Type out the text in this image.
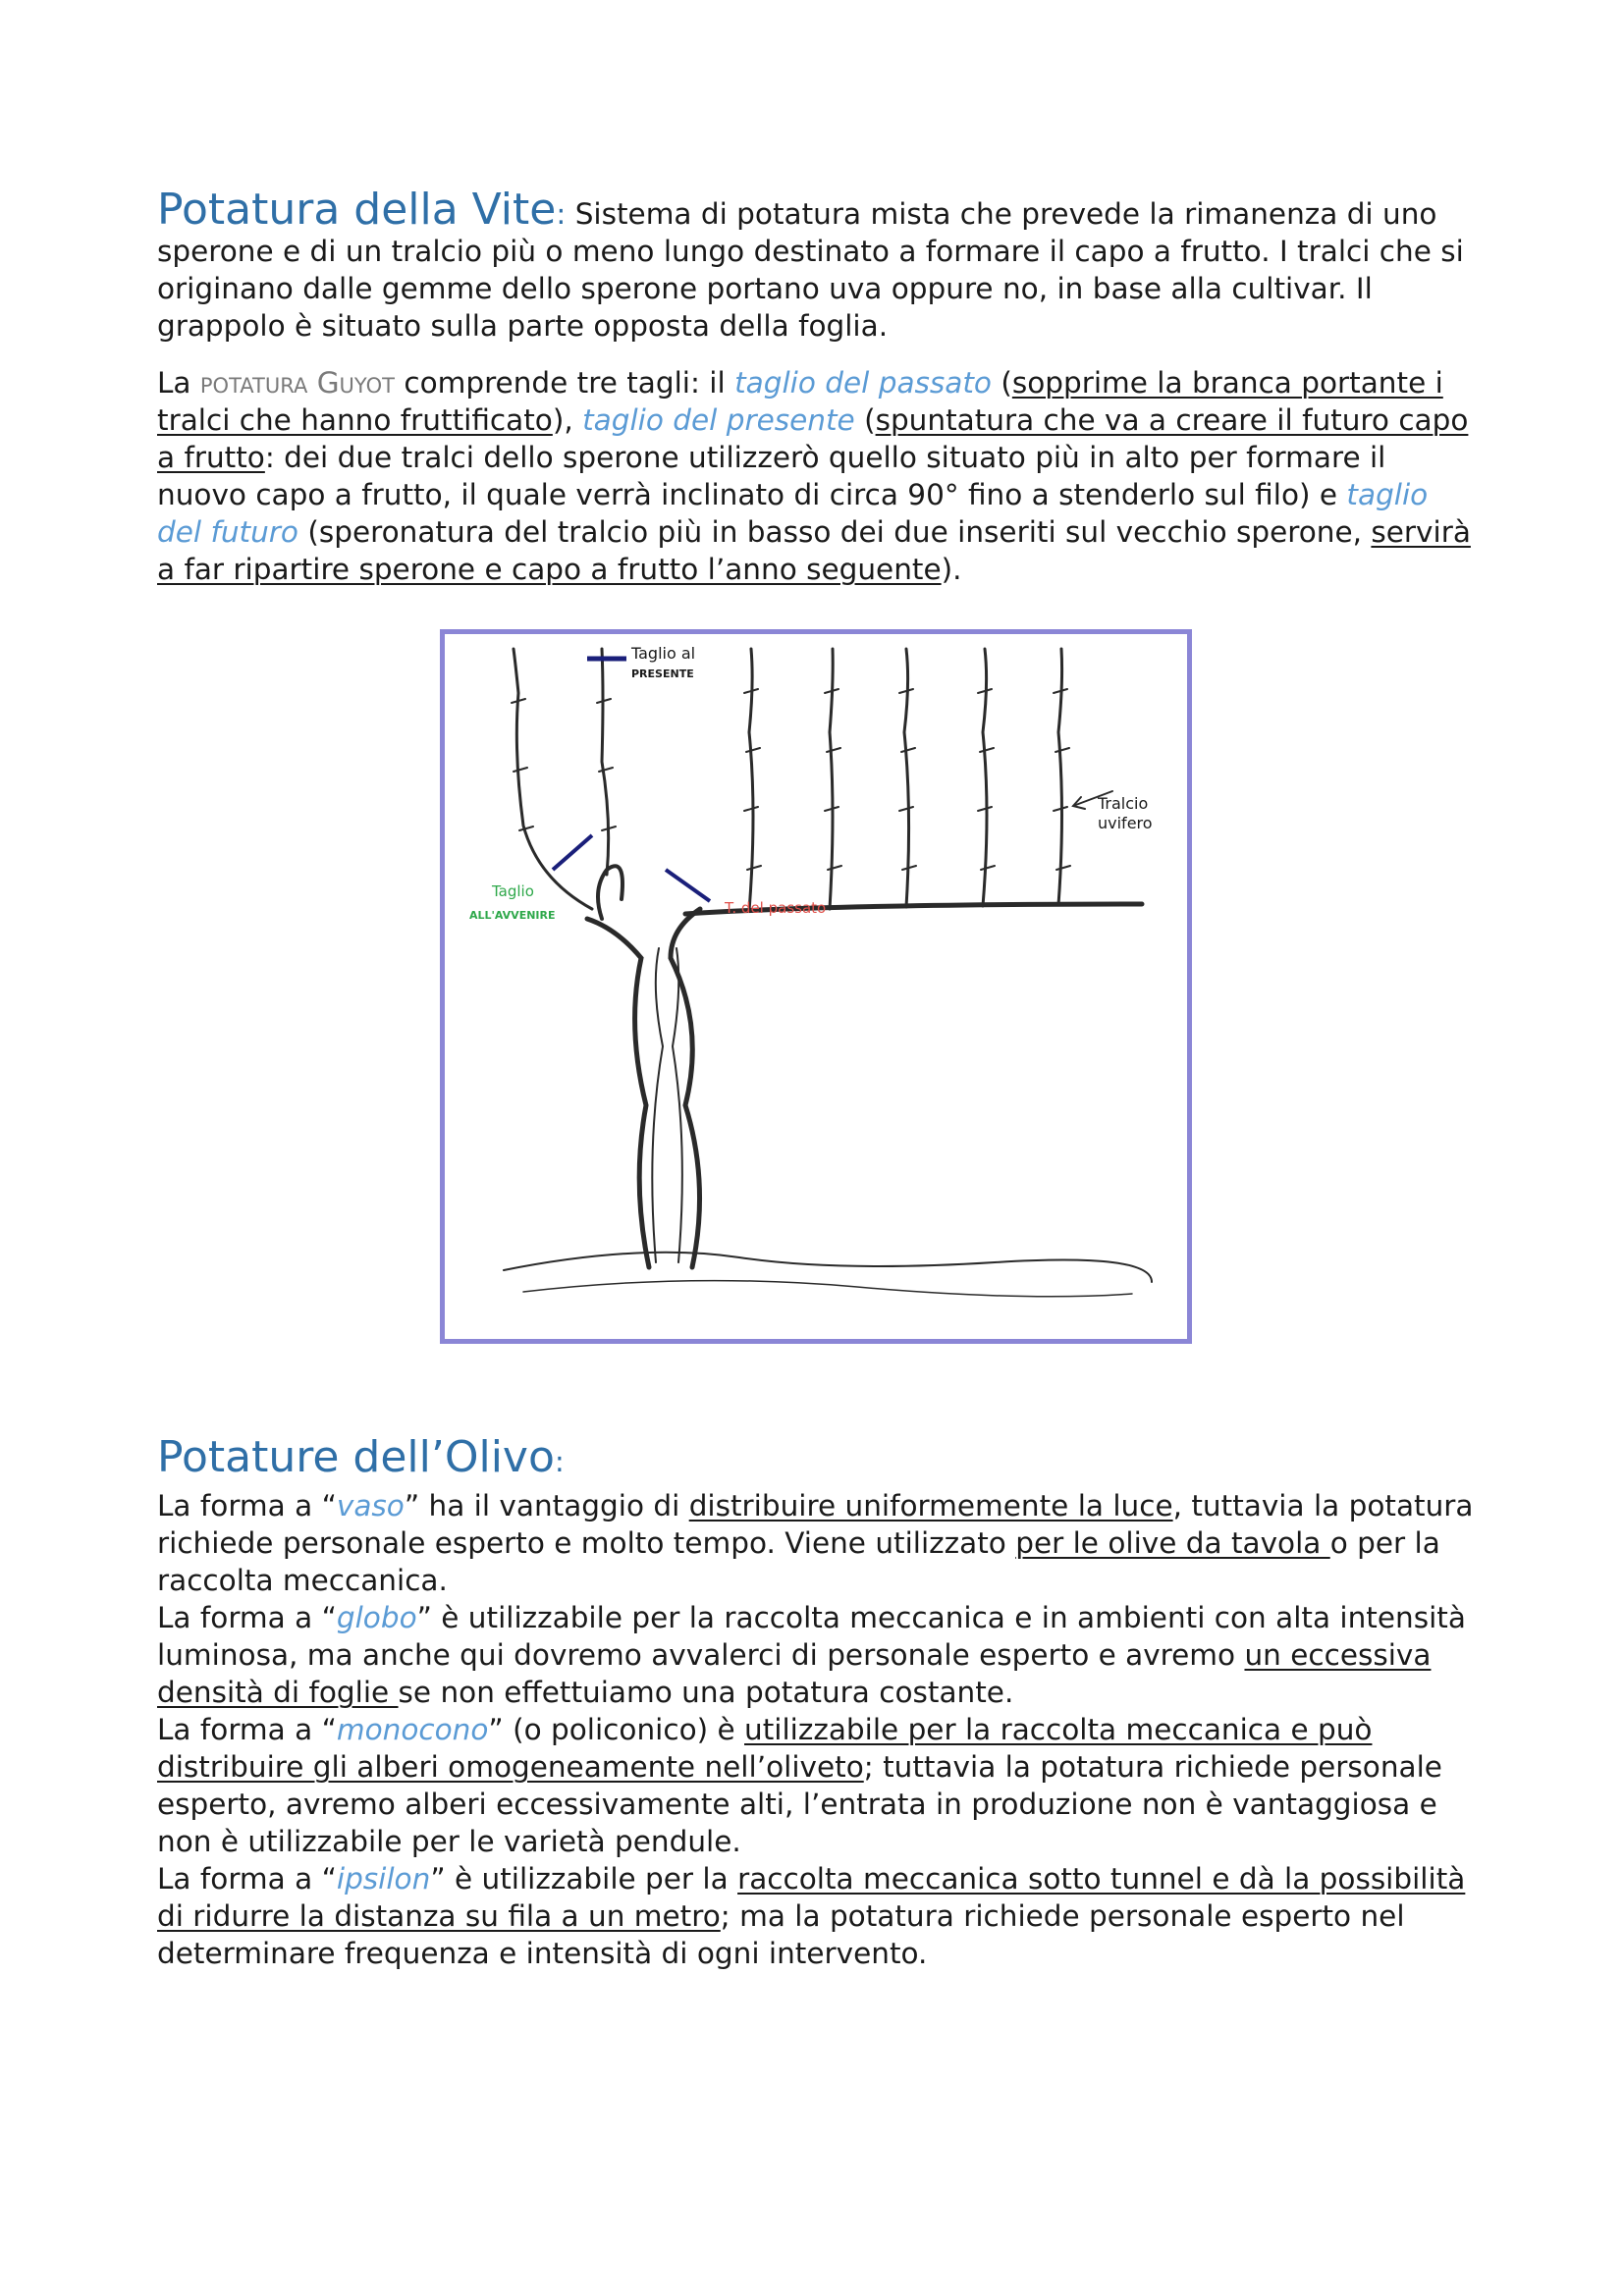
Potatura della Vite: Sistema di potatura mista che prevede la rimanenza di uno sperone e di un tralcio più o meno lungo destinato a formare il capo a frutto. I tralci che si originano dalle gemme dello sperone portano uva oppure no, in base alla cultivar. Il grappolo è situato sulla parte opposta della foglia.

La potatura Guyot comprende tre tagli: il taglio del passato (sopprime la branca portante i tralci che hanno fruttificato), taglio del presente (spuntatura che va a creare il futuro capo a frutto: dei due tralci dello sperone utilizzerò quello situato più in alto per formare il nuovo capo a frutto, il quale verrà inclinato di circa 90° fino a stenderlo sul filo) e taglio del futuro (speronatura del tralcio più in basso dei due inseriti sul vecchio sperone, servirà a far ripartire sperone e capo a frutto l’anno seguente).

Taglio al
PRESENTE
Tralcio
uvifero
Taglio
ALL'AVVENIRE	T. del passato
Potature dell’Olivo:

La forma a “vaso” ha il vantaggio di distribuire uniformemente la luce, tuttavia la potatura richiede personale esperto e molto tempo. Viene utilizzato per le olive da tavola o per la raccolta meccanica.

La forma a “globo” è utilizzabile per la raccolta meccanica e in ambienti con alta intensità luminosa, ma anche qui dovremo avvalerci di personale esperto e avremo un eccessiva densità di foglie se non effettuiamo una potatura costante.

La forma a “monocono” (o policonico) è utilizzabile per la raccolta meccanica e può distribuire gli alberi omogeneamente nell’oliveto; tuttavia la potatura richiede personale esperto, avremo alberi eccessivamente alti, l’entrata in produzione non è vantaggiosa e non è utilizzabile per le varietà pendule.

La forma a “ipsilon” è utilizzabile per la raccolta meccanica sotto tunnel e dà la possibilità di ridurre la distanza su fila a un metro; ma la potatura richiede personale esperto nel determinare frequenza e intensità di ogni intervento.
